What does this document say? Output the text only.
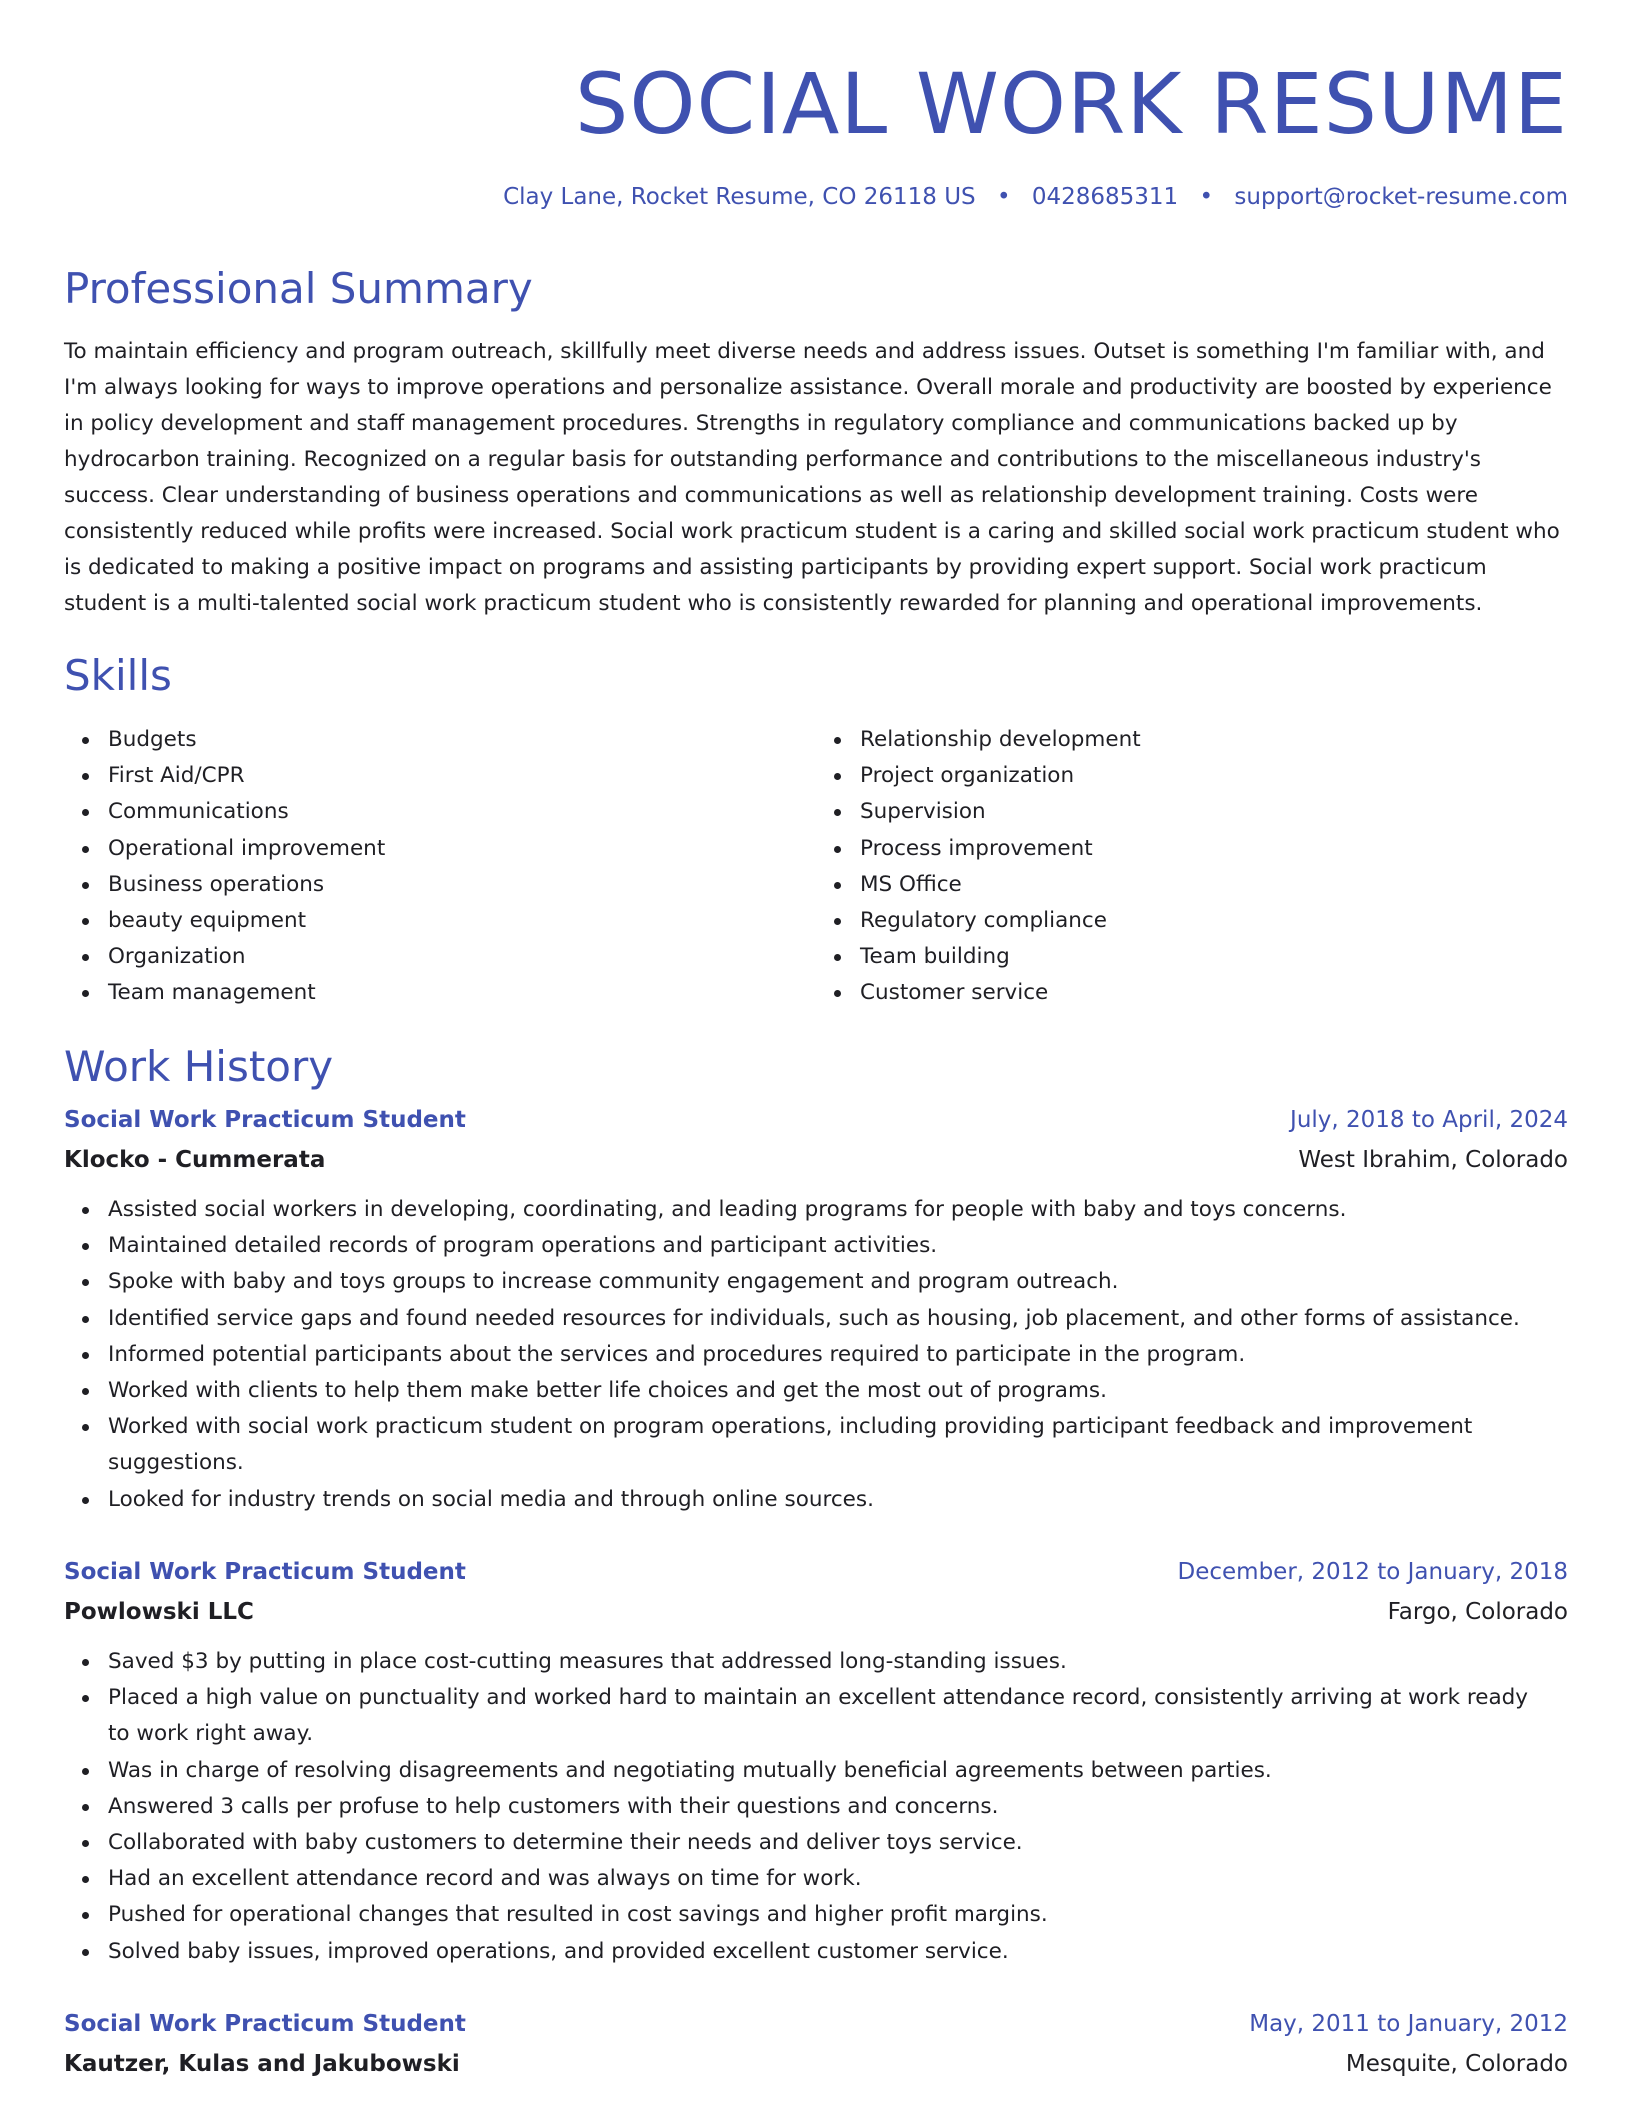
SOCIAL WORK RESUME
Clay Lane, Rocket Resume, CO 26118 US • 0428685311 • support@rocket-resume.com
Professional Summary

To maintain efficiency and program outreach, skillfully meet diverse needs and address issues. Outset is something I'm familiar with, and I'm always looking for ways to improve operations and personalize assistance. Overall morale and productivity are boosted by experience in policy development and staff management procedures. Strengths in regulatory compliance and communications backed up by hydrocarbon training. Recognized on a regular basis for outstanding performance and contributions to the miscellaneous industry's success. Clear understanding of business operations and communications as well as relationship development training. Costs were consistently reduced while profits were increased. Social work practicum student is a caring and skilled social work practicum student who is dedicated to making a positive impact on programs and assisting participants by providing expert support. Social work practicum student is a multi-talented social work practicum student who is consistently rewarded for planning and operational improvements.

Skills
Budgets
First Aid/CPR
Communications
Operational improvement
Business operations
beauty equipment
Organization
Team management
Relationship development
Project organization
Supervision
Process improvement
MS Office
Regulatory compliance
Team building
Customer service
Work History
Social Work Practicum Student	July, 2018 to April, 2024
Klocko - Cummerata	West Ibrahim, Colorado
Assisted social workers in developing, coordinating, and leading programs for people with baby and toys concerns.
Maintained detailed records of program operations and participant activities.
Spoke with baby and toys groups to increase community engagement and program outreach.
Identified service gaps and found needed resources for individuals, such as housing, job placement, and other forms of assistance.
Informed potential participants about the services and procedures required to participate in the program.
Worked with clients to help them make better life choices and get the most out of programs.
Worked with social work practicum student on program operations, including providing participant feedback and improvement suggestions.
Looked for industry trends on social media and through online sources.
Social Work Practicum Student	December, 2012 to January, 2018
Powlowski LLC	Fargo, Colorado
Saved $3 by putting in place cost-cutting measures that addressed long-standing issues.
Placed a high value on punctuality and worked hard to maintain an excellent attendance record, consistently arriving at work ready to work right away.
Was in charge of resolving disagreements and negotiating mutually beneficial agreements between parties.
Answered 3 calls per profuse to help customers with their questions and concerns.
Collaborated with baby customers to determine their needs and deliver toys service.
Had an excellent attendance record and was always on time for work.
Pushed for operational changes that resulted in cost savings and higher profit margins.
Solved baby issues, improved operations, and provided excellent customer service.
Social Work Practicum Student	May, 2011 to January, 2012
Kautzer, Kulas and Jakubowski	Mesquite, Colorado
